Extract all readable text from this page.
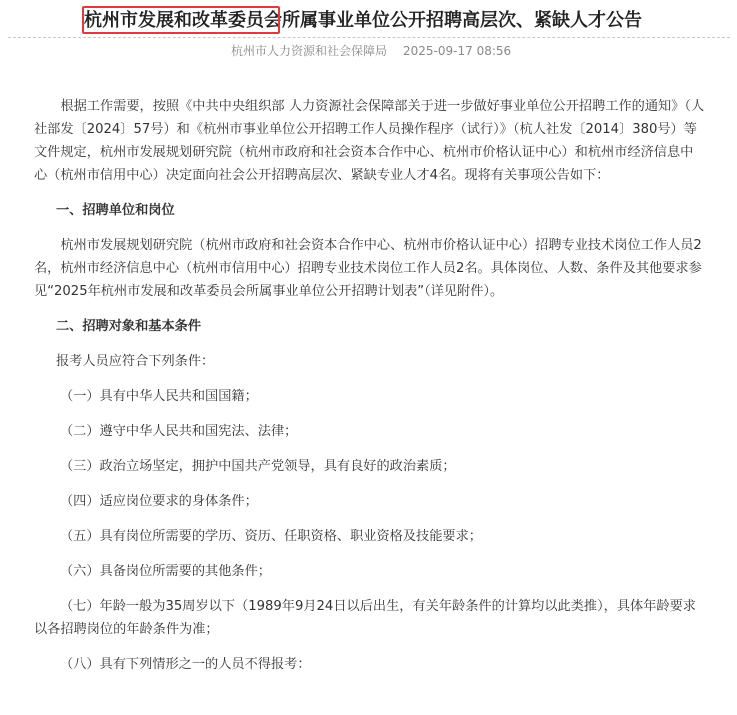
杭州市发展和改革委员会所属事业单位公开招聘高层次、紧缺人才公告
杭州市人力资源和社会保障局 2025-09-17 08:56

根据工作需要，按照《中共中央组织部 人力资源社会保障部关于进一步做好事业单位公开招聘工作的通知》（人社部发〔2024〕57号）和《杭州市事业单位公开招聘工作人员操作程序（试行）》（杭人社发〔2014〕380号）等文件规定，杭州市发展规划研究院（杭州市政府和社会资本合作中心、杭州市价格认证中心）和杭州市经济信息中心（杭州市信用中心）决定面向社会公开招聘高层次、紧缺专业人才4名。现将有关事项公告如下：

一、招聘单位和岗位

杭州市发展规划研究院（杭州市政府和社会资本合作中心、杭州市价格认证中心）招聘专业技术岗位工作人员2名，杭州市经济信息中心（杭州市信用中心）招聘专业技术岗位工作人员2名。具体岗位、人数、条件及其他要求参见“2025年杭州市发展和改革委员会所属事业单位公开招聘计划表”（详见附件）。

二、招聘对象和基本条件

报考人员应符合下列条件：

（一）具有中华人民共和国国籍；

（二）遵守中华人民共和国宪法、法律；

（三）政治立场坚定，拥护中国共产党领导，具有良好的政治素质；

（四）适应岗位要求的身体条件；

（五）具有岗位所需要的学历、资历、任职资格、职业资格及技能要求；

（六）具备岗位所需要的其他条件；

（七）年龄一般为35周岁以下（1989年9月24日以后出生，有关年龄条件的计算均以此类推），具体年龄要求以各招聘岗位的年龄条件为准；

（八）具有下列情形之一的人员不得报考：
